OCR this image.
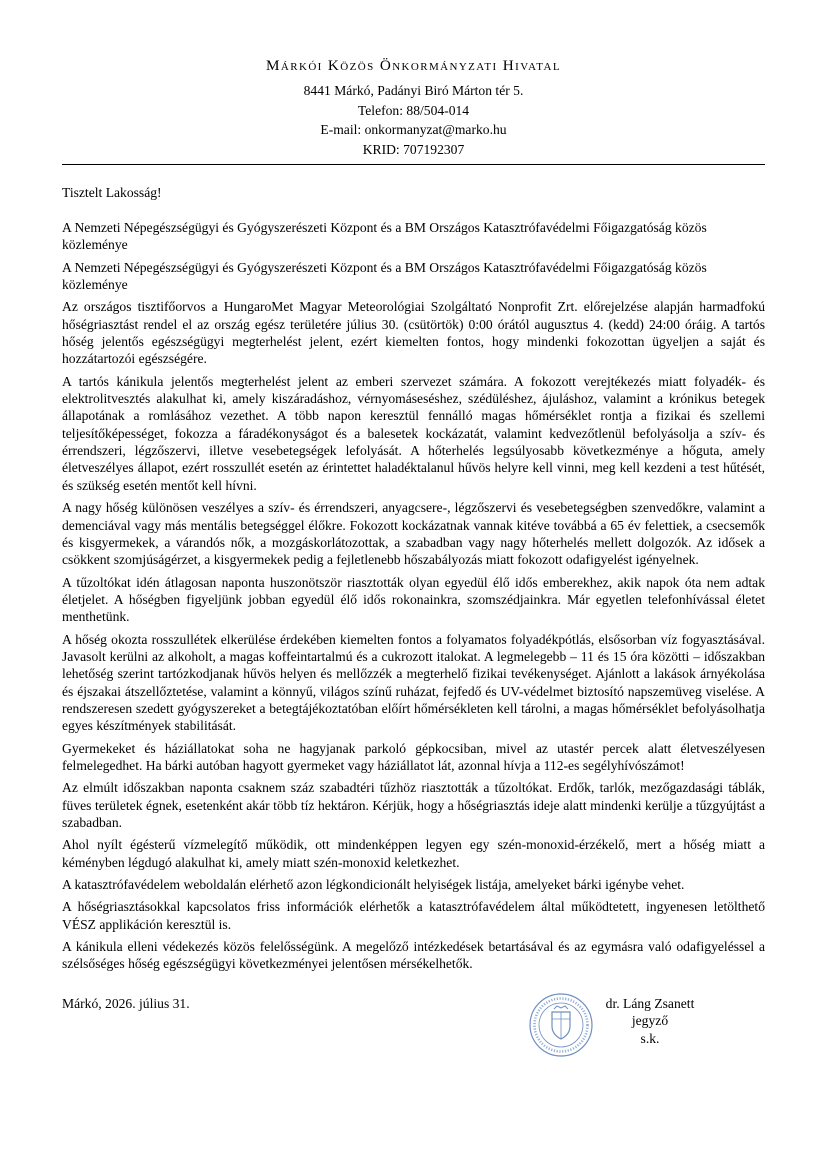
Márkói Közös Önkormányzati Hivatal
8441 Márkó, Padányi Biró Márton tér 5.
Telefon: 88/504-014
E-mail: onkormanyzat@marko.hu
KRID: 707192307
Tisztelt Lakosság!

A Nemzeti Népegészségügyi és Gyógyszerészeti Központ és a BM Országos Katasztrófavédelmi Főigazgatóság közös közleménye

A Nemzeti Népegészségügyi és Gyógyszerészeti Központ és a BM Országos Katasztrófavédelmi Főigazgatóság közös közleménye

Az országos tisztifőorvos a HungaroMet Magyar Meteorológiai Szolgáltató Nonprofit Zrt. előrejelzése alapján harmadfokú hőségriasztást rendel el az ország egész területére július 30. (csütörtök) 0:00 órától augusztus 4. (kedd) 24:00 óráig. A tartós hőség jelentős egészségügyi megterhelést jelent, ezért kiemelten fontos, hogy mindenki fokozottan ügyeljen a saját és hozzátartozói egészségére.

A tartós kánikula jelentős megterhelést jelent az emberi szervezet számára. A fokozott verejtékezés miatt folyadék- és elektrolitvesztés alakulhat ki, amely kiszáradáshoz, vérnyomáseséshez, szédüléshez, ájuláshoz, valamint a krónikus betegek állapotának a romlásához vezethet. A több napon keresztül fennálló magas hőmérséklet rontja a fizikai és szellemi teljesítőképességet, fokozza a fáradékonyságot és a balesetek kockázatát, valamint kedvezőtlenül befolyásolja a szív- és érrendszeri, légzőszervi, illetve vesebetegségek lefolyását. A hőterhelés legsúlyosabb következménye a hőguta, amely életveszélyes állapot, ezért rosszullét esetén az érintettet haladéktalanul hűvös helyre kell vinni, meg kell kezdeni a test hűtését, és szükség esetén mentőt kell hívni.

A nagy hőség különösen veszélyes a szív- és érrendszeri, anyagcsere-, légzőszervi és vesebetegségben szenvedőkre, valamint a demenciával vagy más mentális betegséggel élőkre. Fokozott kockázatnak vannak kitéve továbbá a 65 év felettiek, a csecsemők és kisgyermekek, a várandós nők, a mozgáskorlátozottak, a szabadban vagy nagy hőterhelés mellett dolgozók. Az idősek a csökkent szomjúságérzet, a kisgyermekek pedig a fejletlenebb hőszabályozás miatt fokozott odafigyelést igényelnek.

A tűzoltókat idén átlagosan naponta huszonötször riasztották olyan egyedül élő idős emberekhez, akik napok óta nem adtak életjelet. A hőségben figyeljünk jobban egyedül élő idős rokonainkra, szomszédjainkra. Már egyetlen telefonhívással életet menthetünk.

A hőség okozta rosszullétek elkerülése érdekében kiemelten fontos a folyamatos folyadékpótlás, elsősorban víz fogyasztásával. Javasolt kerülni az alkoholt, a magas koffeintartalmú és a cukrozott italokat. A legmelegebb – 11 és 15 óra közötti – időszakban lehetőség szerint tartózkodjanak hűvös helyen és mellőzzék a megterhelő fizikai tevékenységet. Ajánlott a lakások árnyékolása és éjszakai átszellőztetése, valamint a könnyű, világos színű ruházat, fejfedő és UV-védelmet biztosító napszemüveg viselése. A rendszeresen szedett gyógyszereket a betegtájékoztatóban előírt hőmérsékleten kell tárolni, a magas hőmérséklet befolyásolhatja egyes készítmények stabilitását.

Gyermekeket és háziállatokat soha ne hagyjanak parkoló gépkocsiban, mivel az utastér percek alatt életveszélyesen felmelegedhet. Ha bárki autóban hagyott gyermeket vagy háziállatot lát, azonnal hívja a 112-es segélyhívószámot!

Az elmúlt időszakban naponta csaknem száz szabadtéri tűzhöz riasztották a tűzoltókat. Erdők, tarlók, mezőgazdasági táblák, füves területek égnek, esetenként akár több tíz hektáron. Kérjük, hogy a hőségriasztás ideje alatt mindenki kerülje a tűzgyújtást a szabadban.

Ahol nyílt égésterű vízmelegítő működik, ott mindenképpen legyen egy szén-monoxid-érzékelő, mert a hőség miatt a kéményben légdugó alakulhat ki, amely miatt szén-monoxid keletkezhet.

A katasztrófavédelem weboldalán elérhető azon légkondicionált helyiségek listája, amelyeket bárki igénybe vehet.

A hőségriasztásokkal kapcsolatos friss információk elérhetők a katasztrófavédelem által működtetett, ingyenesen letölthető VÉSZ applikáción keresztül is.

A kánikula elleni védekezés közös felelősségünk. A megelőző intézkedések betartásával és az egymásra való odafigyeléssel a szélsőséges hőség egészségügyi következményei jelentősen mérsékelhetők.

Márkó, 2026. július 31.	dr. Láng Zsanett
jegyző
s.k.
